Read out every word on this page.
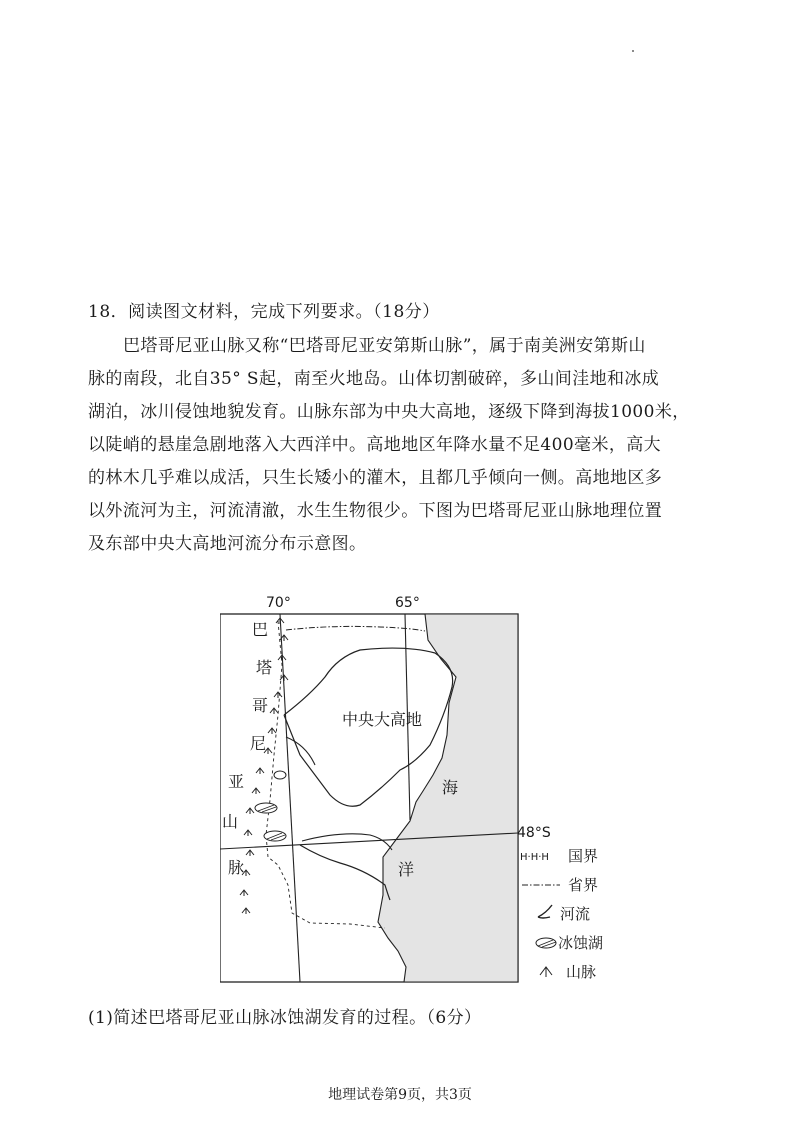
18．阅读图文材料，完成下列要求。（18分）
巴塔哥尼亚山脉又称“巴塔哥尼亚安第斯山脉”，属于南美洲安第斯山
脉的南段，北自35° S起，南至火地岛。山体切割破碎，多山间洼地和冰成
湖泊，冰川侵蚀地貌发育。山脉东部为中央大高地，逐级下降到海拔1000米，
以陡峭的悬崖急剧地落入大西洋中。高地地区年降水量不足400毫米，高大
的林木几乎难以成活，只生长矮小的灌木，且都几乎倾向一侧。高地地区多
以外流河为主，河流清澈，水生生物很少。下图为巴塔哥尼亚山脉地理位置
及东部中央大高地河流分布示意图。
70°	65°
48°S
巴
塔
哥
尼
亚
山
脉
中央大高地
海
洋
H·H·H 国界
省界
河流
冰蚀湖
山脉
(1)简述巴塔哥尼亚山脉冰蚀湖发育的过程。（6分）
地理试卷第9页，共3页
